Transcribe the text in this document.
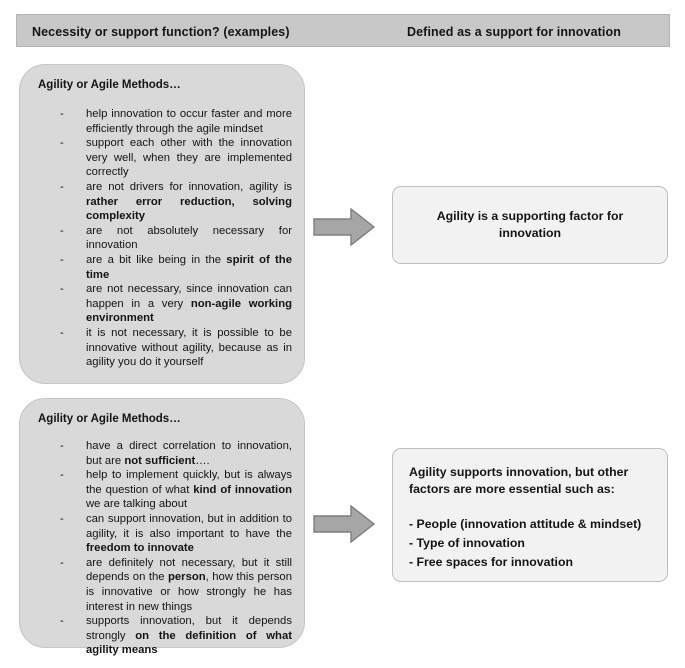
Necessity or support function? (examples)	Defined as a support for innovation
Agility or Agile Methods…
- help innovation to occur faster and more efficiently through the agile mindset
- support each other with the innovation very well, when they are implemented correctly
- are not drivers for innovation, agility is rather error reduction, solving complexity
- are not absolutely necessary for innovation
- are a bit like being in the spirit of the time
- are not necessary, since innovation can happen in a very non-agile working environment
- it is not necessary, it is possible to be innovative without agility, because as in agility you do it yourself
Agility or Agile Methods…
- have a direct correlation to innovation, but are not sufficient….
- help to implement quickly, but is always the question of what kind of innovation we are talking about
- can support innovation, but in addition to agility, it is also important to have the freedom to innovate
- are definitely not necessary, but it still depends on the person, how this person is innovative or how strongly he has interest in new things
- supports innovation, but it depends strongly on the definition of what agility means
Agility is a supporting factor for innovation
Agility supports innovation, but other factors are more essential such as:
- People (innovation attitude & mindset)
- Type of innovation
- Free spaces for innovation
